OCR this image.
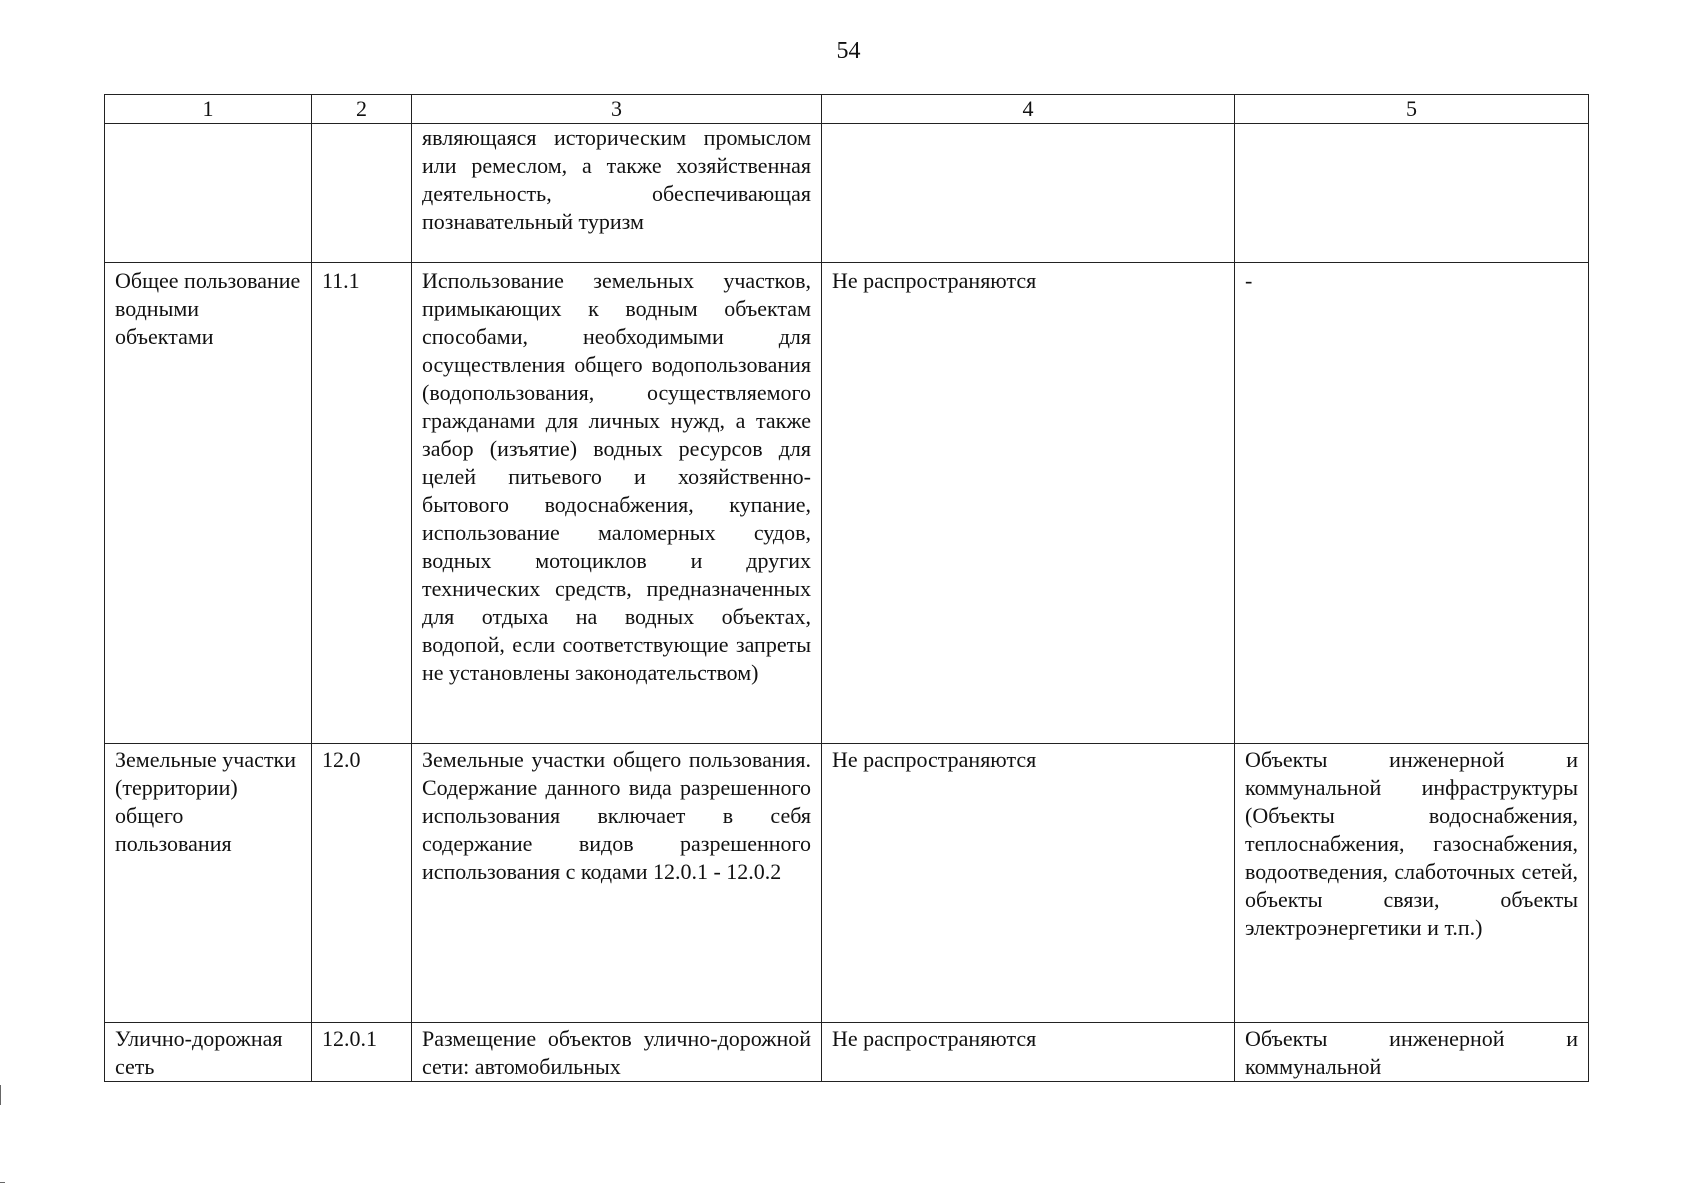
54
1	2	3	4	5
		являющаяся историческим промыслом или ремеслом, а также хозяйственная деятельность, обеспечивающая познавательный туризм		
Общее пользование водными объектами	11.1	Использование земельных участков, примыкающих к водным объектам способами, необходимыми для осуществления общего водопользования (водопользования, осуществляемого гражданами для личных нужд, а также забор (изъятие) водных ресурсов для целей питьевого и хозяйственно-бытового водоснабжения, купание, использование маломерных судов, водных мотоциклов и других технических средств, предназначенных для отдыха на водных объектах, водопой, если соответствующие запреты не установлены законодательством)	Не распространяются	-
Земельные участки (территории) общего пользования	12.0	Земельные участки общего пользования. Содержание данного вида разрешенного использования включает в себя содержание видов разрешенного использования с кодами 12.0.1 - 12.0.2	Не распространяются	Объекты инженерной и коммунальной инфраструктуры (Объекты водоснабжения, теплоснабжения, газоснабжения, водоотведения, слаботочных сетей, объекты связи, объекты электроэнергетики и т.п.)
Улично-дорожная сеть	12.0.1	Размещение объектов улично-дорожной сети: автомобильных	Не распространяются	Объекты инженерной и коммунальной
